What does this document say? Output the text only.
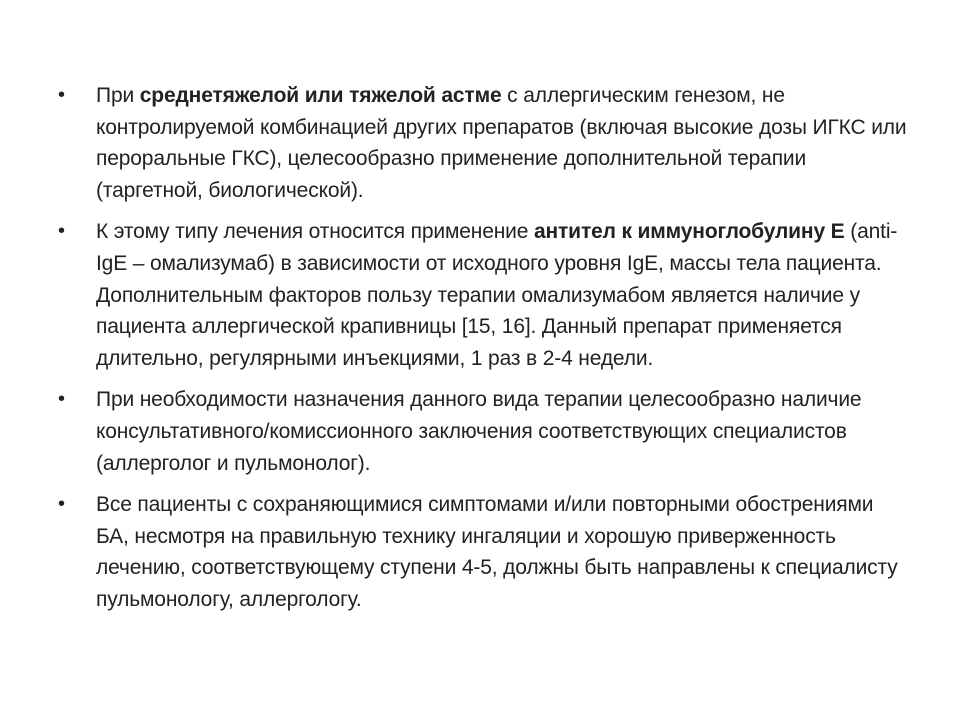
• При среднетяжелой или тяжелой астме с аллергическим генезом, не контролируемой комбинацией других препаратов (включая высокие дозы ИГКС или пероральные ГКС), целесообразно применение дополнительной терапии (таргетной, биологической).
• К этому типу лечения относится применение антител к иммуноглобулину Е (anti-IgE – омализумаб) в зависимости от исходного уровня IgE, массы тела пациента. Дополнительным факторов пользу терапии омализумабом является наличие у пациента аллергической крапивницы [15, 16]. Данный препарат применяется длительно, регулярными инъекциями, 1 раз в 2-4 недели.
• При необходимости назначения данного вида терапии целесообразно наличие консультативного/комиссионного заключения соответствующих специалистов (аллерголог и пульмонолог).
• Все пациенты с сохраняющимися симптомами и/или повторными обострениями БА, несмотря на правильную технику ингаляции и хорошую приверженность лечению, соответствующему ступени 4-5, должны быть направлены к специалисту пульмонологу, аллергологу.
